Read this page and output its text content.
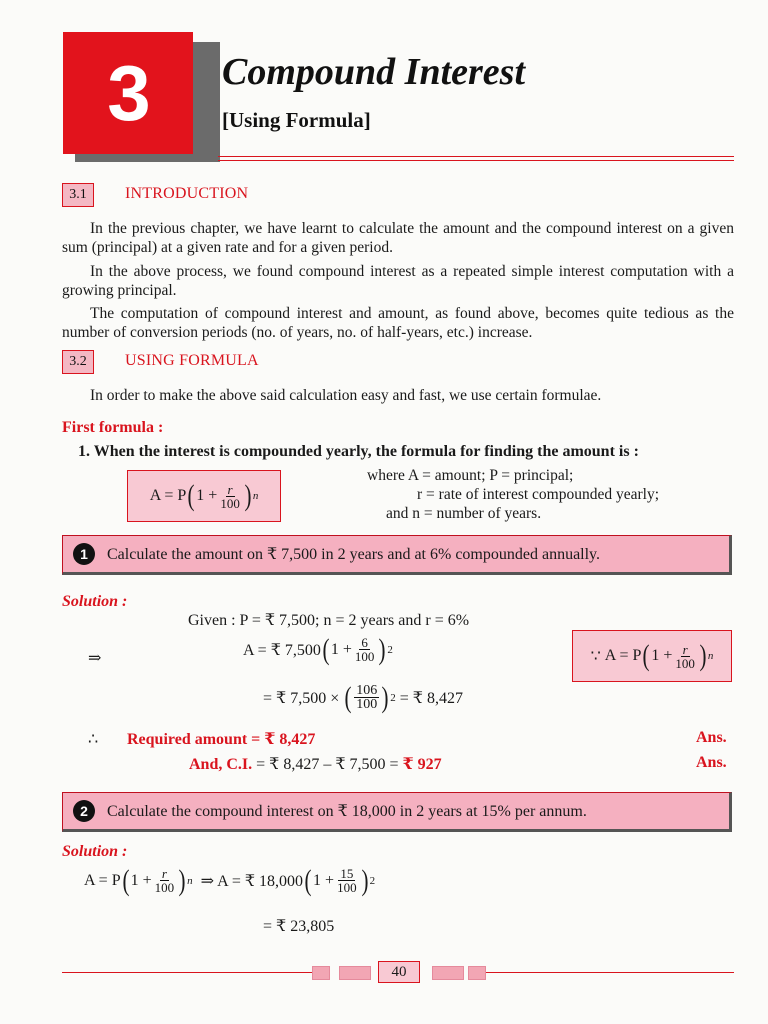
3 Compound Interest
[Using Formula]
3.1	INTRODUCTION
In the previous chapter, we have learnt to calculate the amount and the compound interest on a given sum (principal) at a given rate and for a given period.
In the above process, we found compound interest as a repeated simple interest computation with a growing principal.
The computation of compound interest and amount, as found above, becomes quite tedious as the number of conversion periods (no. of years, no. of half-years, etc.) increase.
3.2	USING FORMULA
In order to make the above said calculation easy and fast, we use certain formulae.
First formula :
1. When the interest is compounded yearly, the formula for finding the amount is :
A = P ( $1 + \frac{r}{100}$ ) n
where A = amount; P = principal;
r = rate of interest compounded yearly;
and n = number of years.
1	Calculate the amount on ₹ 7,500 in 2 years and at 6% compounded annually.
Solution :
Given : P = ₹ 7,500; n = 2 years and r = 6%
⇒	A = ₹ 7,500 ( $1 + \frac{6}{100}$ ) 2	∵
A = P ( $1 + \frac{r}{100}$ ) n
= ₹ 7,500 ×
( $\frac{106}{100}$ ) 2
= ₹ 8,427
∴ Required amount = ₹ 8,427	Ans.
And, C.I. = ₹ 8,427 – ₹ 7,500 = ₹ 927	Ans.
2	Calculate the compound interest on ₹ 18,000 in 2 years at 15% per annum.
Solution :
A = P ( $1 + \frac{r}{100}$ ) n
⇒ A = ₹ 18,000 ( $1 + \frac{15}{100}$ ) 2
= ₹ 23,805
40
